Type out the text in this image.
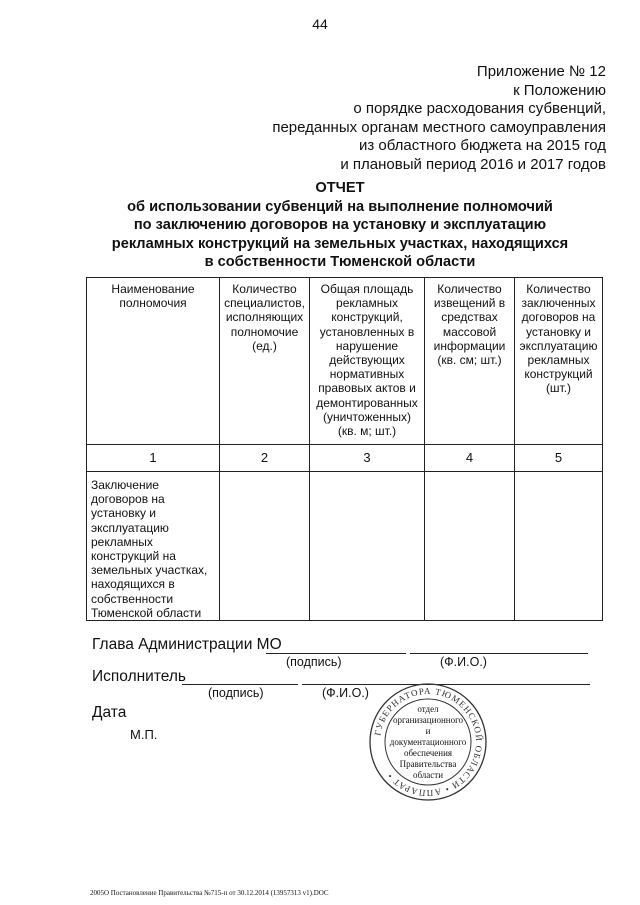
44
Приложение № 12
к Положению
о порядке расходования субвенций,
переданных органам местного самоуправления
из областного бюджета на 2015 год
и плановый период 2016 и 2017 годов
ОТЧЕТ
об использовании субвенций на выполнение полномочий
по заключению договоров на установку и эксплуатацию
рекламных конструкций на земельных участках, находящихся
в собственности Тюменской области
Наименование полномочия	Количество специалистов, исполняющих полномочие (ед.)	Общая площадь рекламных конструкций, установленных в нарушение действующих нормативных правовых актов и демонтированных (уничтоженных) (кв. м; шт.)	Количество извещений в средствах массовой информации (кв. см; шт.)	Количество заключенных договоров на установку и эксплуатацию рекламных конструкций (шт.)
1	2	3	4	5
Заключение договоров на установку и эксплуатацию рекламных конструкций на земельных участках, находящихся в собственности Тюменской области				
Глава Администрации МО
(подпись)	(Ф.И.О.)
Исполнитель
(подпись)	(Ф.И.О.)
Дата
М.П.	ГУБЕРНАТОРА ТЮМЕНСКОЙ ОБЛАСТИ • АППАРАТ •
отдел
организационного
и
документационного
обеспечения
Правительства
области
2005О Постановление Правительства №715-п от 30.12.2014 (13957313 v1).DOC
